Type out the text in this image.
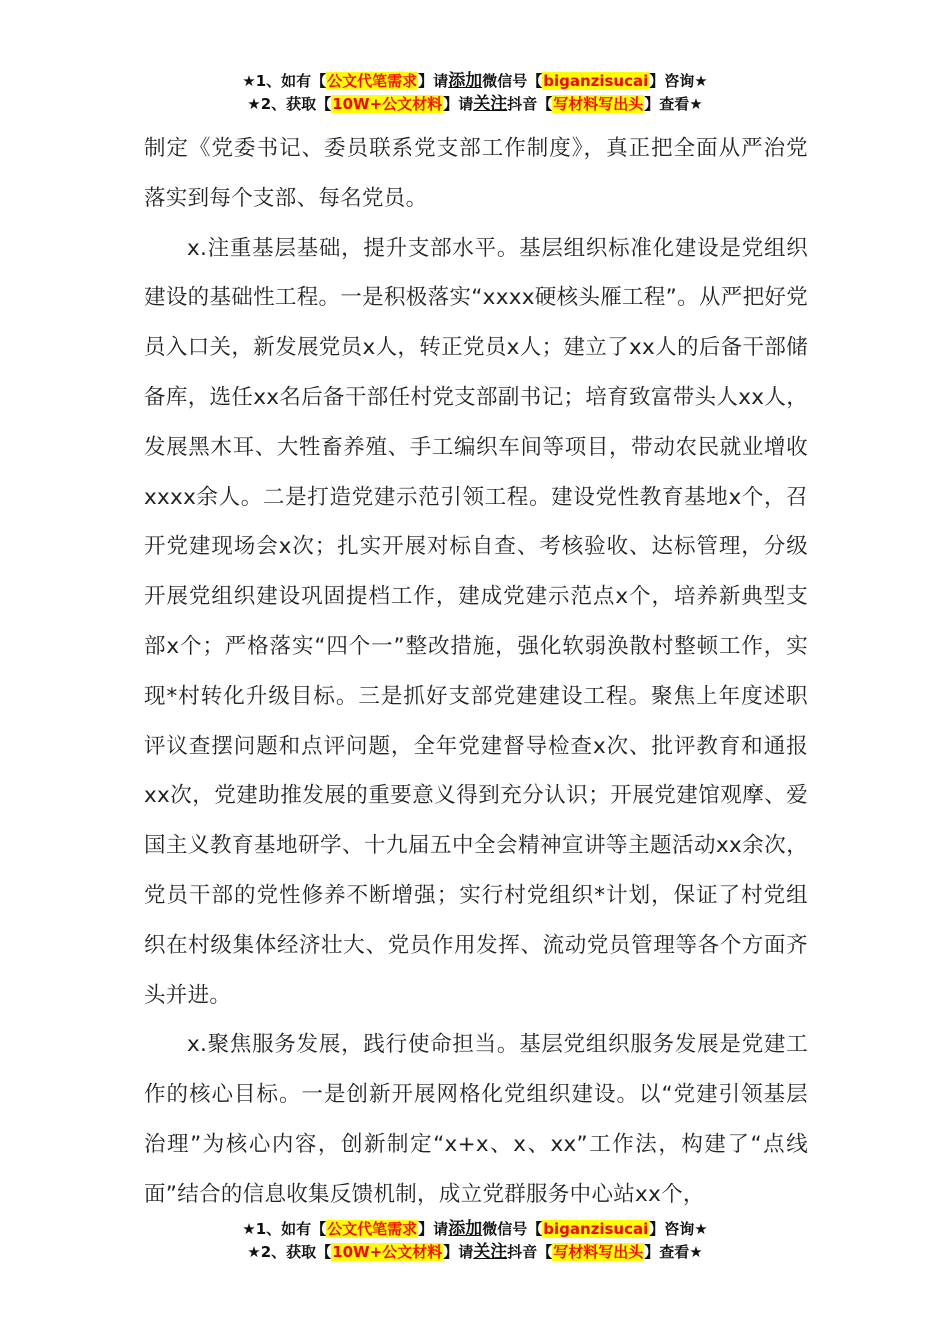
★1、如有【公文代笔需求】请添加微信号【biganzisucai】咨询★
★2、获取【10W+公文材料】请关注抖音【写材料写出头】查看★

制定《党委书记、委员联系党支部工作制度》，真正把全面从严治党落实到每个支部、每名党员。

x.注重基层基础，提升支部水平。基层组织标准化建设是党组织建设的基础性工程。一是积极落实“xxxx硬核头雁工程”。从严把好党员入口关，新发展党员x人，转正党员x人；建立了xx人的后备干部储备库，选任xx名后备干部任村党支部副书记；培育致富带头人xx人，发展黑木耳、大牲畜养殖、手工编织车间等项目，带动农民就业增收xxxx余人。二是打造党建示范引领工程。建设党性教育基地x个，召开党建现场会x次；扎实开展对标自查、考核验收、达标管理，分级开展党组织建设巩固提档工作，建成党建示范点x个，培养新典型支部x个；严格落实“四个一”整改措施，强化软弱涣散村整顿工作，实现*村转化升级目标。三是抓好支部党建建设工程。聚焦上年度述职评议查摆问题和点评问题，全年党建督导检查x次、批评教育和通报xx次，党建助推发展的重要意义得到充分认识；开展党建馆观摩、爱国主义教育基地研学、十九届五中全会精神宣讲等主题活动xx余次，党员干部的党性修养不断增强；实行村党组织*计划，保证了村党组织在村级集体经济壮大、党员作用发挥、流动党员管理等各个方面齐头并进。

x.聚焦服务发展，践行使命担当。基层党组织服务发展是党建工作的核心目标。一是创新开展网格化党组织建设。以“党建引领基层治理”为核心内容，创新制定“x+x、x、xx”工作法，构建了“点线面”结合的信息收集反馈机制，成立党群服务中心站xx个，

★1、如有【公文代笔需求】请添加微信号【biganzisucai】咨询★
★2、获取【10W+公文材料】请关注抖音【写材料写出头】查看★
